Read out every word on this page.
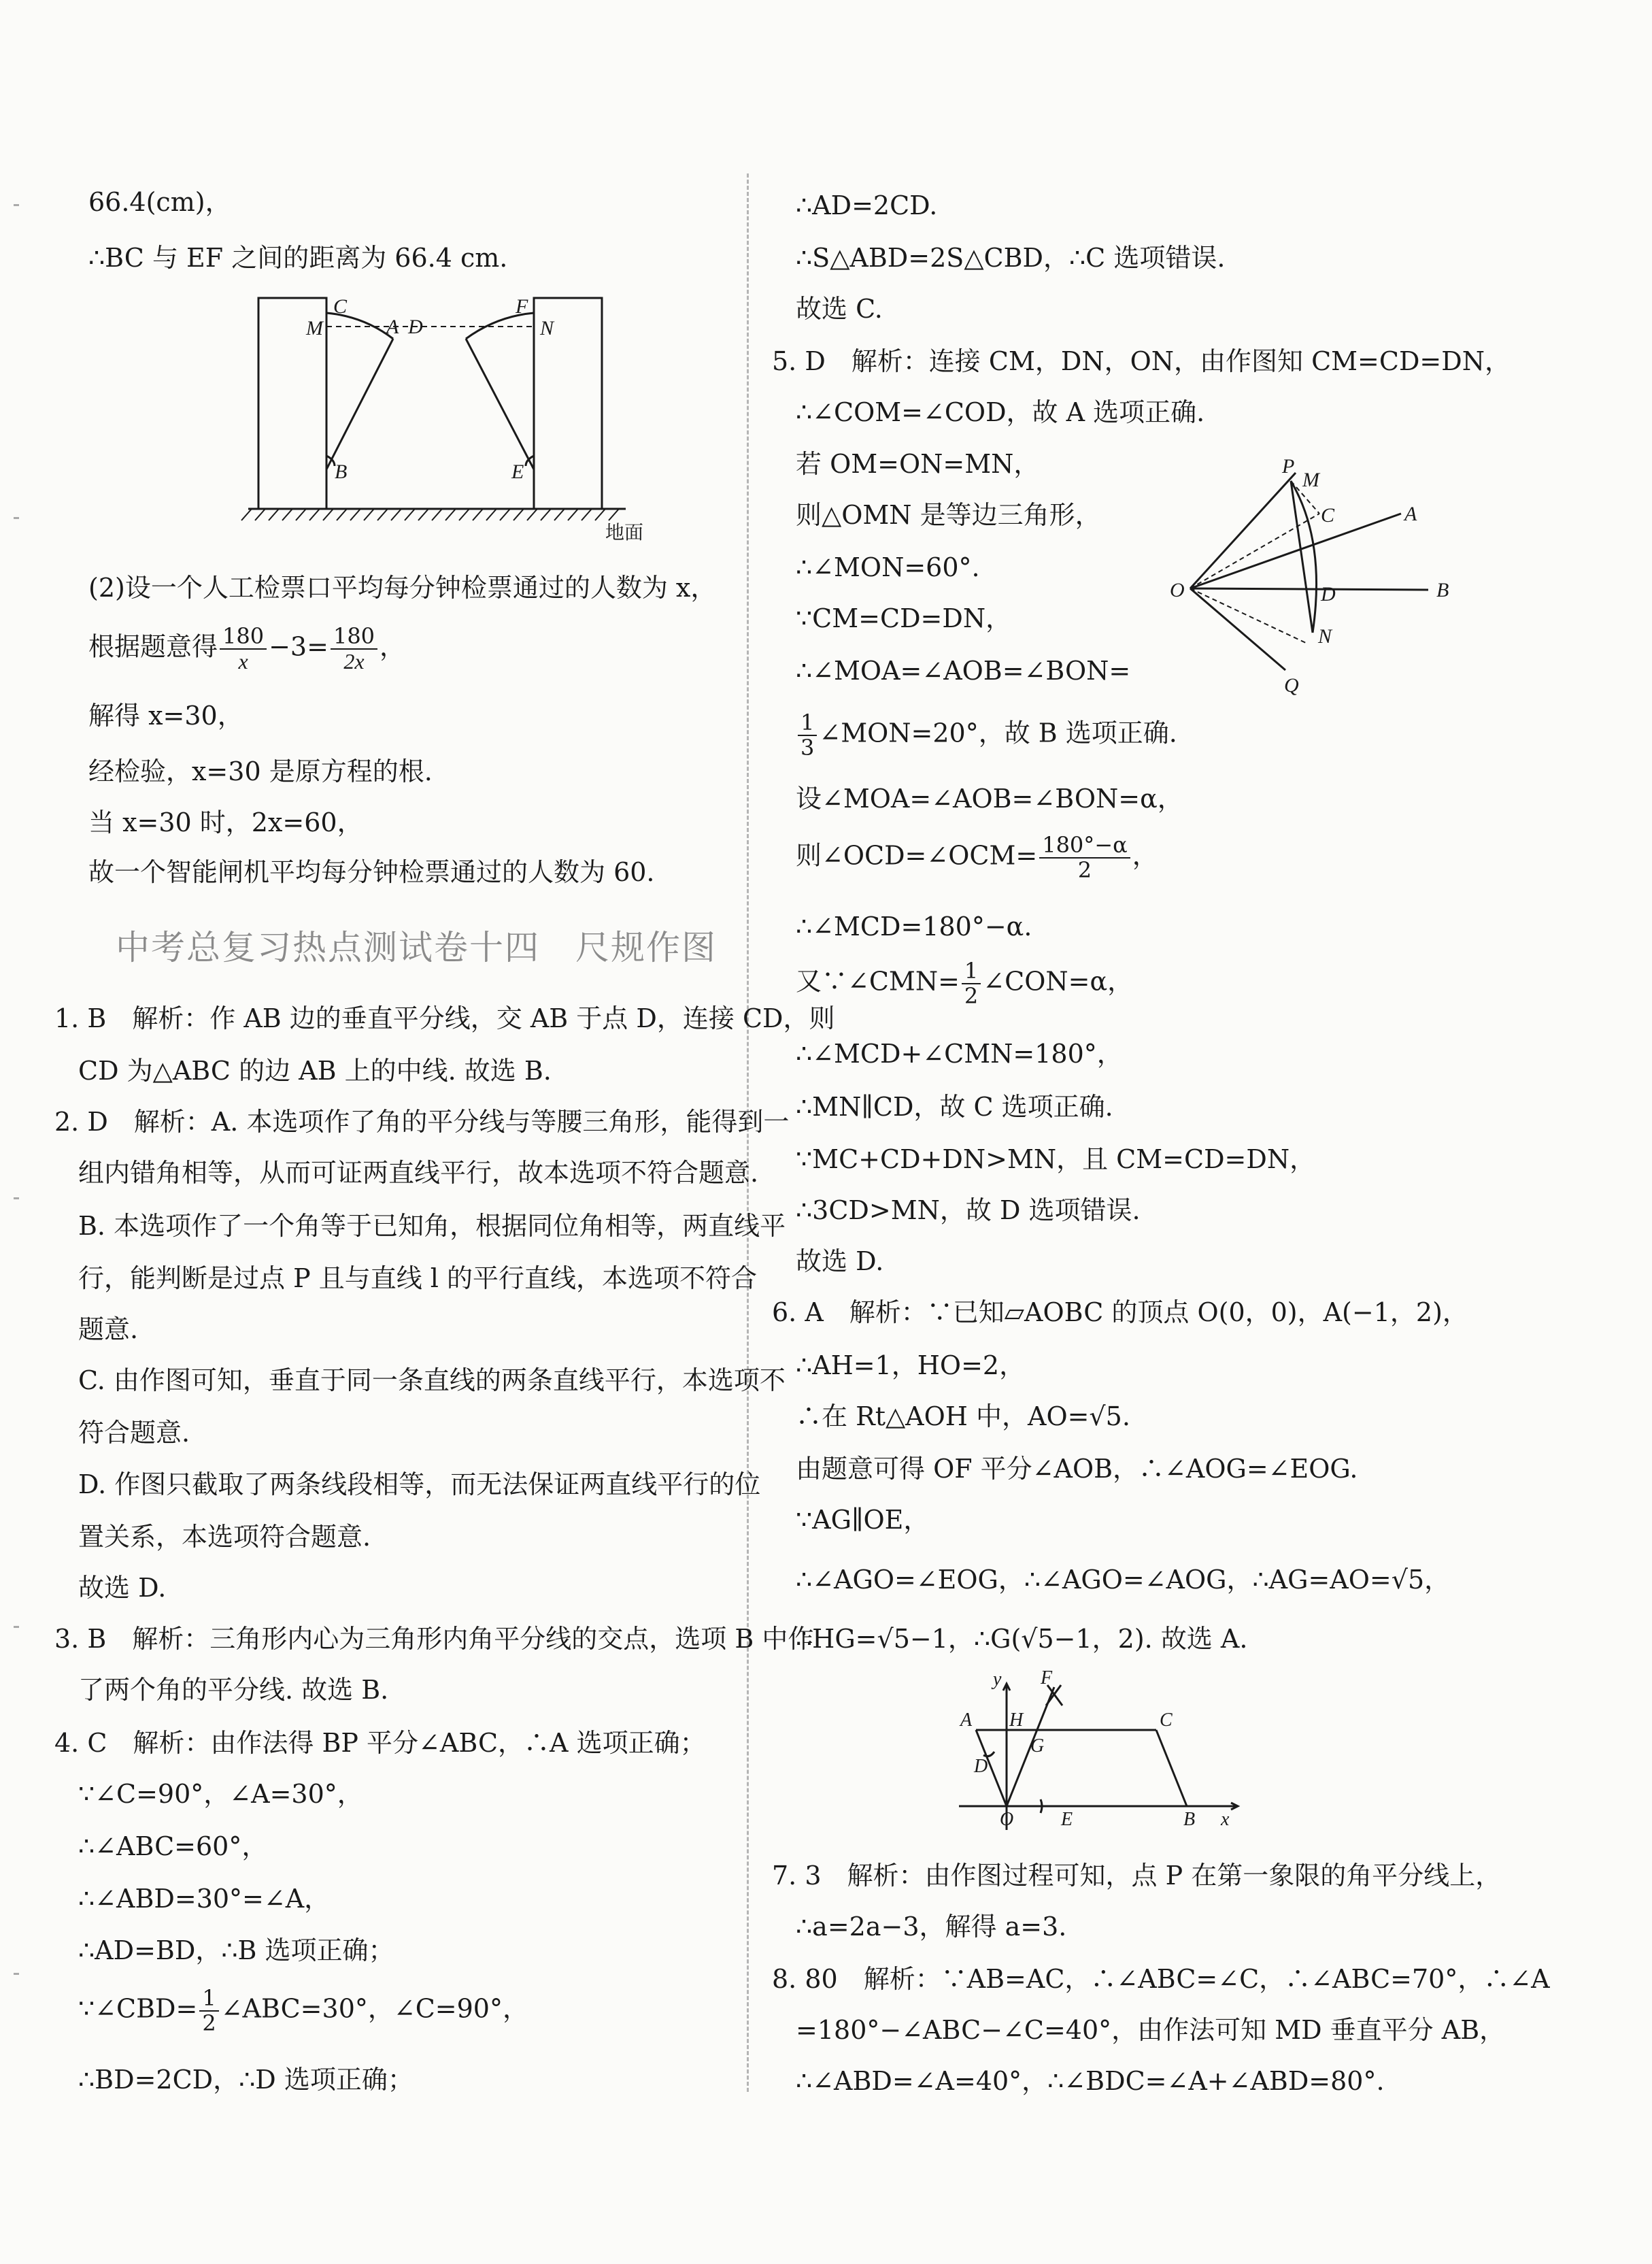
66.4(cm)，
∴BC 与 EF 之间的距离为 66.4 cm.
C
A D
F
M	N
B	E
地面
(2)设一个人工检票口平均每分钟检票通过的人数为 x，
根据题意得 $\frac{180}{x} -3= \frac{180}{2x}$ ，
解得 x=30，
经检验，x=30 是原方程的根.
当 x=30 时，2x=60，
故一个智能闸机平均每分钟检票通过的人数为 60.
中考总复习热点测试卷十四　尺规作图
1. B　解析：作 AB 边的垂直平分线，交 AB 于点 D，连接 CD，则
CD 为△ABC 的边 AB 上的中线. 故选 B.
2. D　解析：A. 本选项作了角的平分线与等腰三角形，能得到一
组内错角相等，从而可证两直线平行，故本选项不符合题意.
B. 本选项作了一个角等于已知角，根据同位角相等，两直线平
行，能判断是过点 P 且与直线 l 的平行直线，本选项不符合
题意.
C. 由作图可知，垂直于同一条直线的两条直线平行，本选项不
符合题意.
D. 作图只截取了两条线段相等，而无法保证两直线平行的位
置关系，本选项符合题意.
故选 D.
3. B　解析：三角形内心为三角形内角平分线的交点，选项 B 中作
了两个角的平分线. 故选 B.
4. C　解析：由作法得 BP 平分∠ABC，∴A 选项正确；
∵∠C=90°，∠A=30°，
∴∠ABC=60°，
∴∠ABD=30°=∠A，
∴AD=BD，∴B 选项正确；
∵∠CBD= $\frac{1}{2}$ ∠ABC=30°，∠C=90°，
∴BD=2CD，∴D 选项正确；
∴AD=2CD.
∴S△ABD=2S△CBD，∴C 选项错误.
故选 C.
5. D　解析：连接 CM，DN，ON，由作图知 CM=CD=DN，
∴∠COM=∠COD，故 A 选项正确.
若 OM=ON=MN，
则△OMN 是等边三角形，
∴∠MON=60°.
∵CM=CD=DN，
∴∠MOA=∠AOB=∠BON=
P
M
C	A
O	D	B
N
Q
$\frac{1}{3}$ ∠MON=20°，故 B 选项正确.
设∠MOA=∠AOB=∠BON=α，
则∠OCD=∠OCM= $\frac{180^\circ-\alpha}{2}$ ，
∴∠MCD=180°−α.
又∵∠CMN= $\frac{1}{2}$ ∠CON=α，
∴∠MCD+∠CMN=180°，
∴MN∥CD，故 C 选项正确.
∵MC+CD+DN>MN，且 CM=CD=DN，
∴3CD>MN，故 D 选项错误.
故选 D.
6. A　解析：∵已知▱AOBC 的顶点 O(0，0)，A(−1，2)，
∴AH=1，HO=2，
∴在 Rt△AOH 中，AO=√5.
由题意可得 OF 平分∠AOB，∴∠AOG=∠EOG.
∵AG∥OE，
∴∠AGO=∠EOG，∴∠AGO=∠AOG，∴AG=AO=√5，
∴HG=√5−1，∴G(√5−1，2). 故选 A.
y F
A H	C
D
G
O E	B x
7. 3　解析：由作图过程可知，点 P 在第一象限的角平分线上，
∴a=2a−3，解得 a=3.
8. 80　解析：∵AB=AC，∴∠ABC=∠C，∴∠ABC=70°，∴∠A
=180°−∠ABC−∠C=40°，由作法可知 MD 垂直平分 AB，
∴∠ABD=∠A=40°，∴∠BDC=∠A+∠ABD=80°.
